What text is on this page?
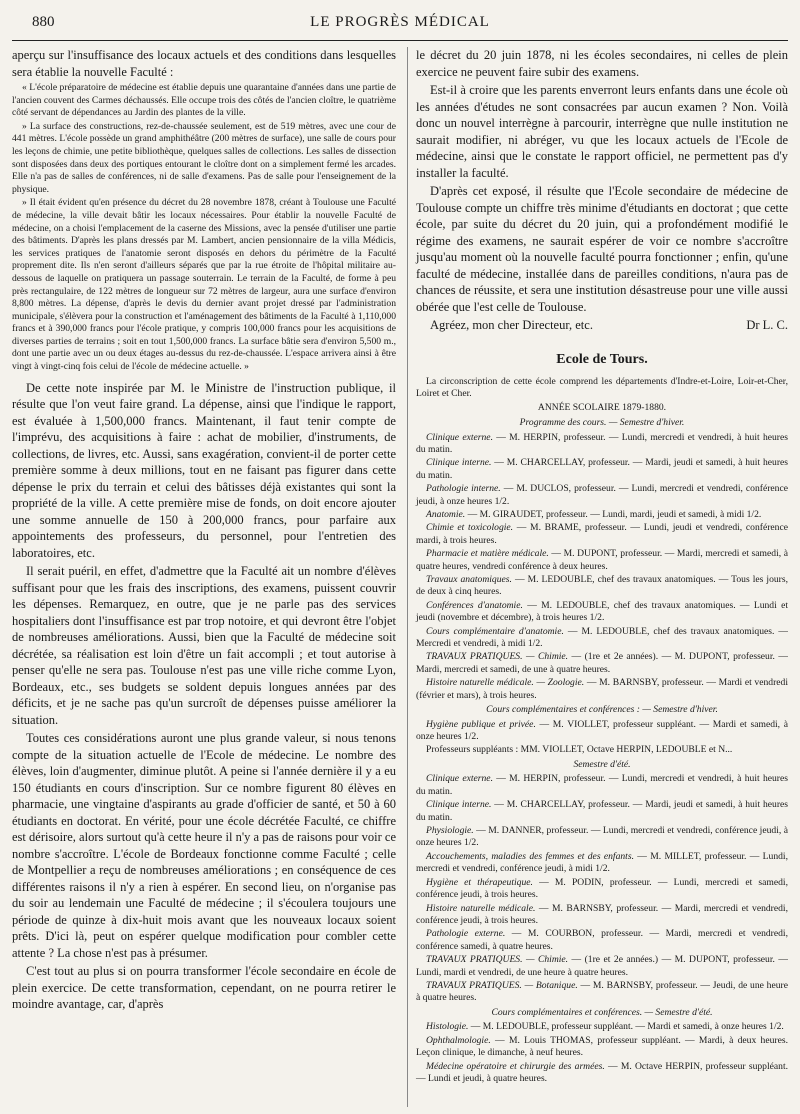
880	LE PROGRÈS MÉDICAL

aperçu sur l'insuffisance des locaux actuels et des conditions dans lesquelles sera établie la nouvelle Faculté :

« L'école préparatoire de médecine est établie depuis une quarantaine d'années dans une partie de l'ancien couvent des Carmes déchaussés. Elle occupe trois des côtés de l'ancien cloître, le quatrième côté servant de dépendances au Jardin des plantes de la ville.

» La surface des constructions, rez-de-chaussée seulement, est de 519 mètres, avec une cour de 441 mètres. L'école possède un grand amphithéâtre (200 mètres de surface), une salle de cours pour les leçons de chimie, une petite bibliothèque, quelques salles de collections. Les salles de dissection sont disposées dans deux des portiques entourant le cloître dont on a simplement fermé les arcades. Elle n'a pas de salles de conférences, ni de salle d'examens. Pas de salle pour l'enseignement de la physique.

» Il était évident qu'en présence du décret du 28 novembre 1878, créant à Toulouse une Faculté de médecine, la ville devait bâtir les locaux nécessaires. Pour établir la nouvelle Faculté de médecine, on a choisi l'emplacement de la caserne des Missions, avec la pensée d'utiliser une partie des bâtiments. D'après les plans dressés par M. Lambert, ancien pensionnaire de la villa Médicis, les services pratiques de l'anatomie seront disposés en dehors du périmètre de la Faculté proprement dite. Ils n'en seront d'ailleurs séparés que par la rue étroite de l'hôpital militaire au-dessous de laquelle on pratiquera un passage souterrain. Le terrain de la Faculté, de forme à peu près rectangulaire, de 122 mètres de longueur sur 72 mètres de largeur, aura une surface d'environ 8,800 mètres. La dépense, d'après le devis du dernier avant projet dressé par l'administration municipale, s'élèvera pour la construction et l'aménagement des bâtiments de la Faculté à 1,110,000 francs et à 390,000 francs pour l'école pratique, y compris 100,000 francs pour les acquisitions de diverses parties de terrains ; soit en tout 1,500,000 francs. La surface bâtie sera d'environ 5,500 m., dont une partie avec un ou deux étages au-dessus du rez-de-chaussée. L'espace arrivera ainsi à être vingt à vingt-cinq fois celui de l'école de médecine actuelle. »

De cette note inspirée par M. le Ministre de l'instruction publique, il résulte que l'on veut faire grand. La dépense, ainsi que l'indique le rapport, est évaluée à 1,500,000 francs. Maintenant, il faut tenir compte de l'imprévu, des acquisitions à faire : achat de mobilier, d'instruments, de collections, de livres, etc. Aussi, sans exagération, convient-il de porter cette première somme à deux millions, tout en ne faisant pas figurer dans cette dépense le prix du terrain et celui des bâtisses déjà existantes qui sont la propriété de la ville. A cette première mise de fonds, on doit encore ajouter une somme annuelle de 150 à 200,000 francs, pour parfaire aux appointements des professeurs, du personnel, pour l'entretien des laboratoires, etc.

Il serait puéril, en effet, d'admettre que la Faculté ait un nombre d'élèves suffisant pour que les frais des inscriptions, des examens, puissent couvrir les dépenses. Remarquez, en outre, que je ne parle pas des services hospitaliers dont l'insuffisance est par trop notoire, et qui devront être l'objet de nombreuses améliorations. Aussi, bien que la Faculté de médecine soit décrétée, sa réalisation est loin d'être un fait accompli ; et tout autorise à penser qu'elle ne sera pas. Toulouse n'est pas une ville riche comme Lyon, Bordeaux, etc., ses budgets se soldent depuis longues années par des déficits, et je ne sache pas qu'un surcroît de dépenses puisse améliorer la situation.

Toutes ces considérations auront une plus grande valeur, si nous tenons compte de la situation actuelle de l'Ecole de médecine. Le nombre des élèves, loin d'augmenter, diminue plutôt. A peine si l'année dernière il y a eu 150 étudiants en cours d'inscription. Sur ce nombre figurent 80 élèves en pharmacie, une vingtaine d'aspirants au grade d'officier de santé, et 50 à 60 étudiants en doctorat. En vérité, pour une école décrétée Faculté, ce chiffre est dérisoire, alors surtout qu'à cette heure il n'y a pas de raisons pour voir ce nombre s'accroître. L'école de Bordeaux fonctionne comme Faculté ; celle de Montpellier a reçu de nombreuses améliorations ; en conséquence de ces différentes raisons il n'y a rien à espérer. En second lieu, on n'organise pas du soir au lendemain une Faculté de médecine ; il s'écoulera toujours une période de quinze à dix-huit mois avant que les nouveaux locaux soient prêts. D'ici là, peut on espérer quelque modification pour combler cette attente ? La chose n'est pas à présumer.

C'est tout au plus si on pourra transformer l'école secondaire en école de plein exercice. De cette transformation, cependant, on ne pourra retirer le moindre avantage, car, d'après

le décret du 20 juin 1878, ni les écoles secondaires, ni celles de plein exercice ne peuvent faire subir des examens.

Est-il à croire que les parents enverront leurs enfants dans une école où les années d'études ne sont consacrées par aucun examen ? Non. Voilà donc un nouvel interrègne à parcourir, interrègne que nulle institution ne saurait modifier, ni abréger, vu que les locaux actuels de l'Ecole de médecine, ainsi que le constate le rapport officiel, ne permettent pas d'y installer la faculté.

D'après cet exposé, il résulte que l'Ecole secondaire de médecine de Toulouse compte un chiffre très minime d'étudiants en doctorat ; que cette école, par suite du décret du 20 juin, qui a profondément modifié le régime des examens, ne saurait espérer de voir ce nombre s'accroître jusqu'au moment où la nouvelle faculté pourra fonctionner ; enfin, qu'une faculté de médecine, installée dans de pareilles conditions, n'aura pas de chances de réussite, et sera une institution désastreuse pour une ville aussi obérée que l'est celle de Toulouse.

Agréez, mon cher Directeur, etc.	Dr L. C.

Ecole de Tours.

La circonscription de cette école comprend les départements d'Indre-et-Loire, Loir-et-Cher, Loiret et Cher.

ANNÉE SCOLAIRE 1879-1880.
Programme des cours. — Semestre d'hiver.

Clinique externe. — M. HERPIN, professeur. — Lundi, mercredi et vendredi, à huit heures du matin.

Clinique interne. — M. CHARCELLAY, professeur. — Mardi, jeudi et samedi, à huit heures du matin.

Pathologie interne. — M. DUCLOS, professeur. — Lundi, mercredi et vendredi, conférence jeudi, à onze heures 1/2.

Anatomie. — M. GIRAUDET, professeur. — Lundi, mardi, jeudi et samedi, à midi 1/2.

Chimie et toxicologie. — M. BRAME, professeur. — Lundi, jeudi et vendredi, conférence mardi, à trois heures.

Pharmacie et matière médicale. — M. DUPONT, professeur. — Mardi, mercredi et samedi, à quatre heures, vendredi conférence à deux heures.

Travaux anatomiques. — M. LEDOUBLE, chef des travaux anatomiques. — Tous les jours, de deux à cinq heures.

Conférences d'anatomie. — M. LEDOUBLE, chef des travaux anatomiques. — Lundi et jeudi (novembre et décembre), à trois heures 1/2.

Cours complémentaire d'anatomie. — M. LEDOUBLE, chef des travaux anatomiques. — Mercredi et vendredi, à midi 1/2.

TRAVAUX PRATIQUES. — Chimie. — (1re et 2e années). — M. DUPONT, professeur. — Mardi, mercredi et samedi, de une à quatre heures.

Histoire naturelle médicale. — Zoologie. — M. BARNSBY, professeur. — Mardi et vendredi (février et mars), à trois heures.

Cours complémentaires et conférences : — Semestre d'hiver.

Hygiène publique et privée. — M. VIOLLET, professeur suppléant. — Mardi et samedi, à onze heures 1/2.

Professeurs suppléants : MM. VIOLLET, Octave HERPIN, LEDOUBLE et N...

Semestre d'été.

Clinique externe. — M. HERPIN, professeur. — Lundi, mercredi et vendredi, à huit heures du matin.

Clinique interne. — M. CHARCELLAY, professeur. — Mardi, jeudi et samedi, à huit heures du matin.

Physiologie. — M. DANNER, professeur. — Lundi, mercredi et vendredi, conférence jeudi, à onze heures 1/2.

Accouchements, maladies des femmes et des enfants. — M. MILLET, professeur. — Lundi, mercredi et vendredi, conférence jeudi, à midi 1/2.

Hygiène et thérapeutique. — M. PODIN, professeur. — Lundi, mercredi et samedi, conférence jeudi, à trois heures.

Histoire naturelle médicale. — M. BARNSBY, professeur. — Mardi, mercredi et vendredi, conférence jeudi, à trois heures.

Pathologie externe. — M. COURBON, professeur. — Mardi, mercredi et vendredi, conférence samedi, à quatre heures.

TRAVAUX PRATIQUES. — Chimie. — (1re et 2e années.) — M. DUPONT, professeur. — Lundi, mardi et vendredi, de une heure à quatre heures.

TRAVAUX PRATIQUES. — Botanique. — M. BARNSBY, professeur. — Jeudi, de une heure à quatre heures.

Cours complémentaires et conférences. — Semestre d'été.

Histologie. — M. LEDOUBLE, professeur suppléant. — Mardi et samedi, à onze heures 1/2.

Ophthalmologie. — M. Louis THOMAS, professeur suppléant. — Mardi, à deux heures. Leçon clinique, le dimanche, à neuf heures.

Médecine opératoire et chirurgie des armées. — M. Octave HERPIN, professeur suppléant. — Lundi et jeudi, à quatre heures.
